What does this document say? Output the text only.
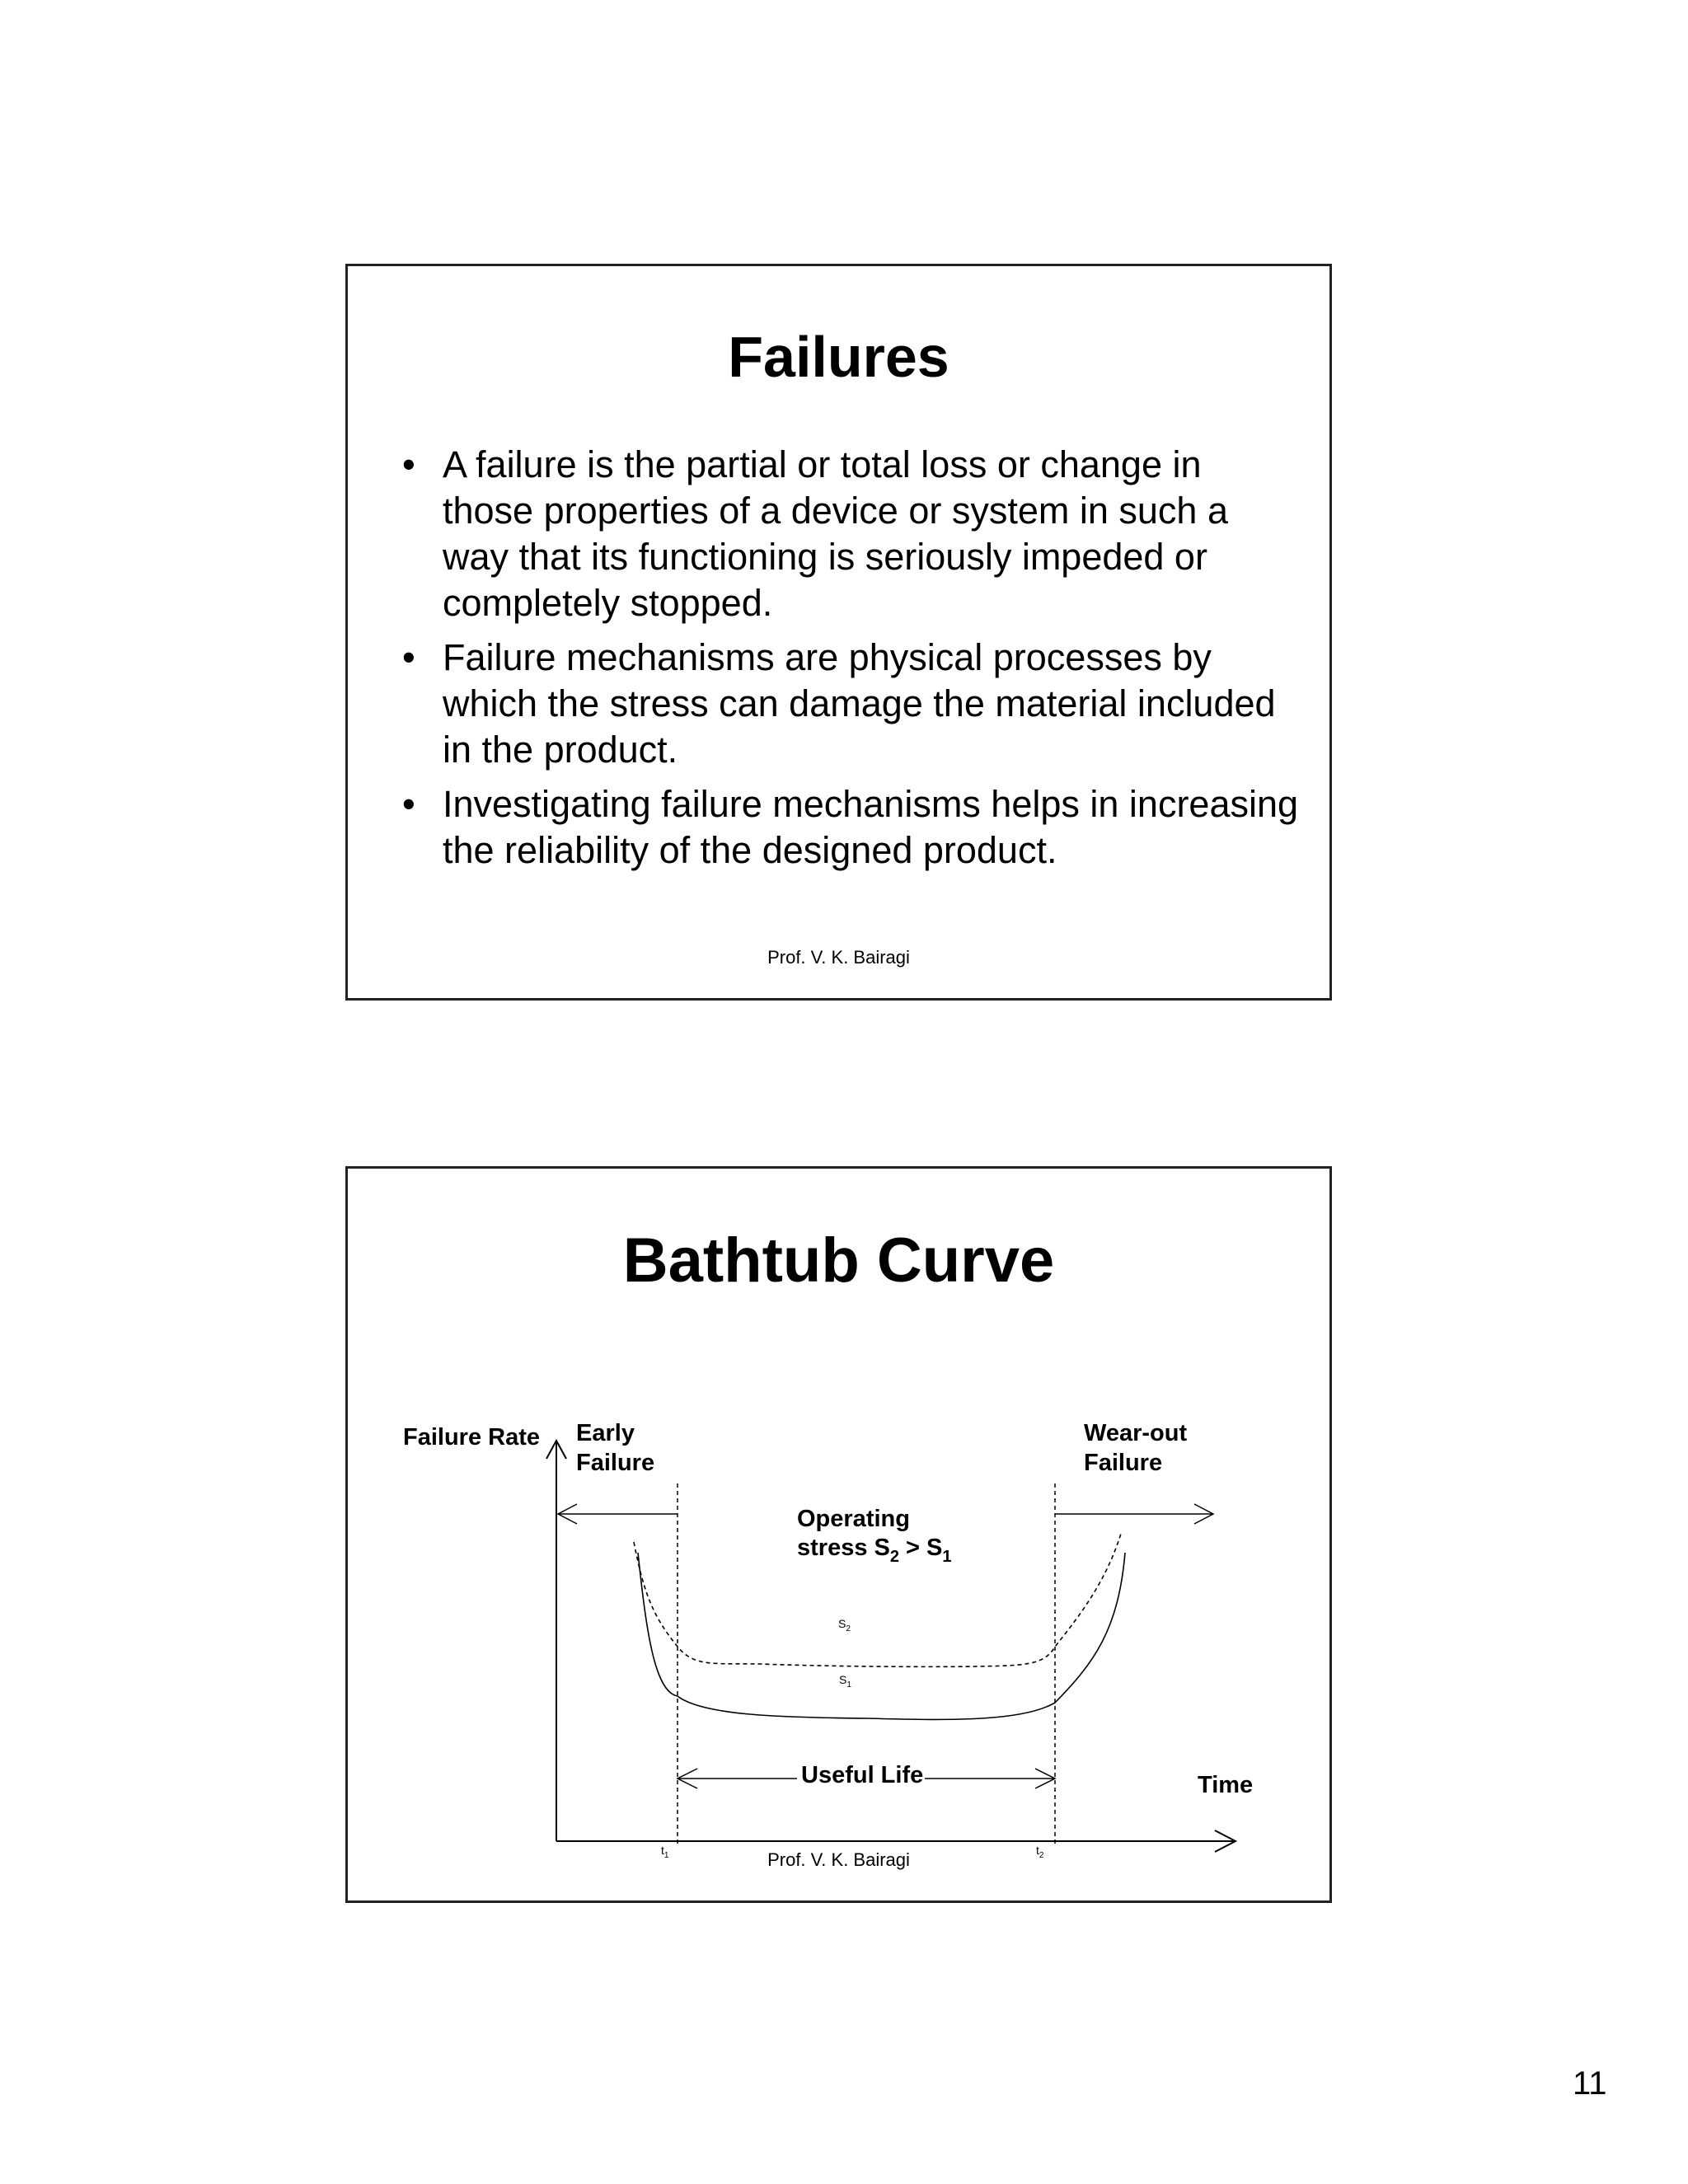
Failures
• A failure is the partial or total loss or change in those properties of a device or system in such a way that its functioning is seriously impeded or completely stopped.
• Failure mechanisms are physical processes by which the stress can damage the material included in the product.
• Investigating failure mechanisms helps in increasing the reliability of the designed product.
Prof. V. K. Bairagi
Bathtub Curve
Failure Rate
Time
Early
Failure
Wear-out
Failure
Operating
stress $S_2 > S_1$
$S_2$
$S_1$
Useful Life
$t_1$	$t_2$
Prof. V. K. Bairagi
11
